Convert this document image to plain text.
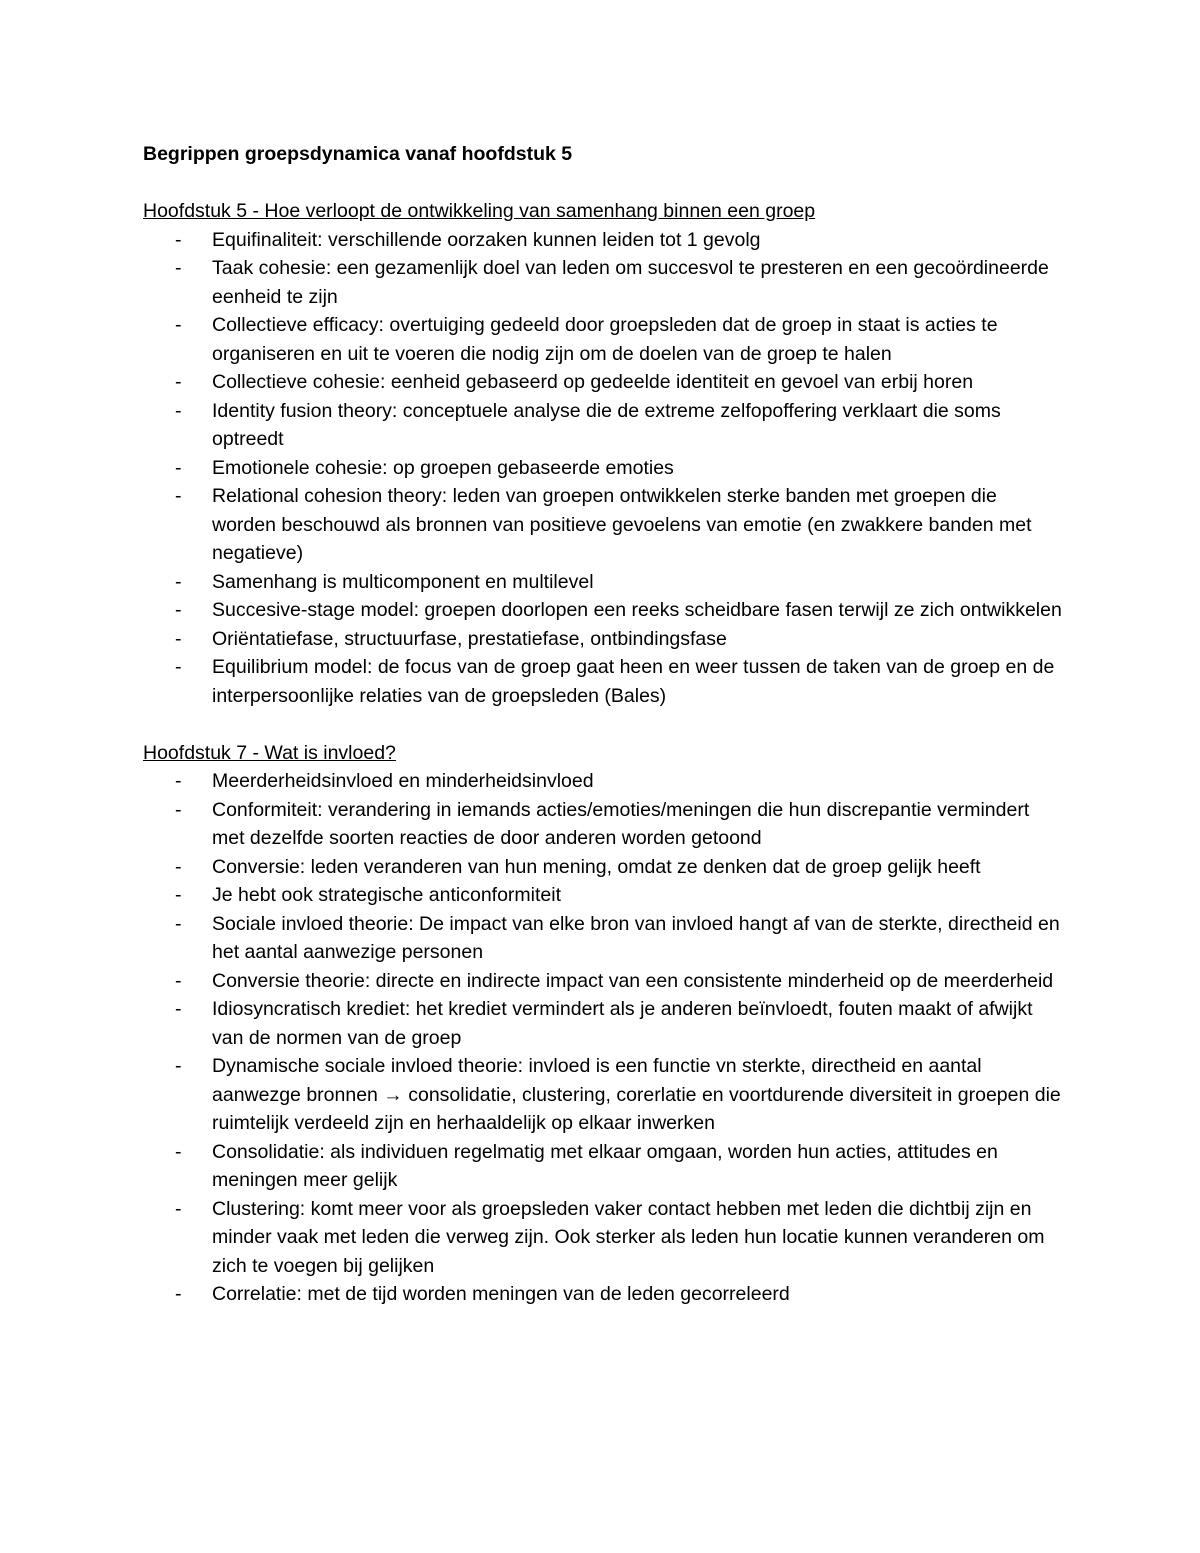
Begrippen groepsdynamica vanaf hoofdstuk 5
Hoofdstuk 5 - Hoe verloopt de ontwikkeling van samenhang binnen een groep
- Equifinaliteit: verschillende oorzaken kunnen leiden tot 1 gevolg
- Taak cohesie: een gezamenlijk doel van leden om succesvol te presteren en een gecoördineerde eenheid te zijn
- Collectieve efficacy: overtuiging gedeeld door groepsleden dat de groep in staat is acties te organiseren en uit te voeren die nodig zijn om de doelen van de groep te halen
- Collectieve cohesie: eenheid gebaseerd op gedeelde identiteit en gevoel van erbij horen
- Identity fusion theory: conceptuele analyse die de extreme zelfopoffering verklaart die soms optreedt
- Emotionele cohesie: op groepen gebaseerde emoties
- Relational cohesion theory: leden van groepen ontwikkelen sterke banden met groepen die worden beschouwd als bronnen van positieve gevoelens van emotie (en zwakkere banden met negatieve)
- Samenhang is multicomponent en multilevel
- Succesive-stage model: groepen doorlopen een reeks scheidbare fasen terwijl ze zich ontwikkelen
- Oriëntatiefase, structuurfase, prestatiefase, ontbindingsfase
- Equilibrium model: de focus van de groep gaat heen en weer tussen de taken van de groep en de interpersoonlijke relaties van de groepsleden (Bales)
Hoofdstuk 7 - Wat is invloed?
- Meerderheidsinvloed en minderheidsinvloed
- Conformiteit: verandering in iemands acties/emoties/meningen die hun discrepantie vermindert met dezelfde soorten reacties de door anderen worden getoond
- Conversie: leden veranderen van hun mening, omdat ze denken dat de groep gelijk heeft
- Je hebt ook strategische anticonformiteit
- Sociale invloed theorie: De impact van elke bron van invloed hangt af van de sterkte, directheid en het aantal aanwezige personen
- Conversie theorie: directe en indirecte impact van een consistente minderheid op de meerderheid
- Idiosyncratisch krediet: het krediet vermindert als je anderen beïnvloedt, fouten maakt of afwijkt van de normen van de groep
- Dynamische sociale invloed theorie: invloed is een functie vn sterkte, directheid en aantal aanwezge bronnen → consolidatie, clustering, corerlatie en voortdurende diversiteit in groepen die ruimtelijk verdeeld zijn en herhaaldelijk op elkaar inwerken
- Consolidatie: als individuen regelmatig met elkaar omgaan, worden hun acties, attitudes en meningen meer gelijk
- Clustering: komt meer voor als groepsleden vaker contact hebben met leden die dichtbij zijn en minder vaak met leden die verweg zijn. Ook sterker als leden hun locatie kunnen veranderen om zich te voegen bij gelijken
- Correlatie: met de tijd worden meningen van de leden gecorreleerd
